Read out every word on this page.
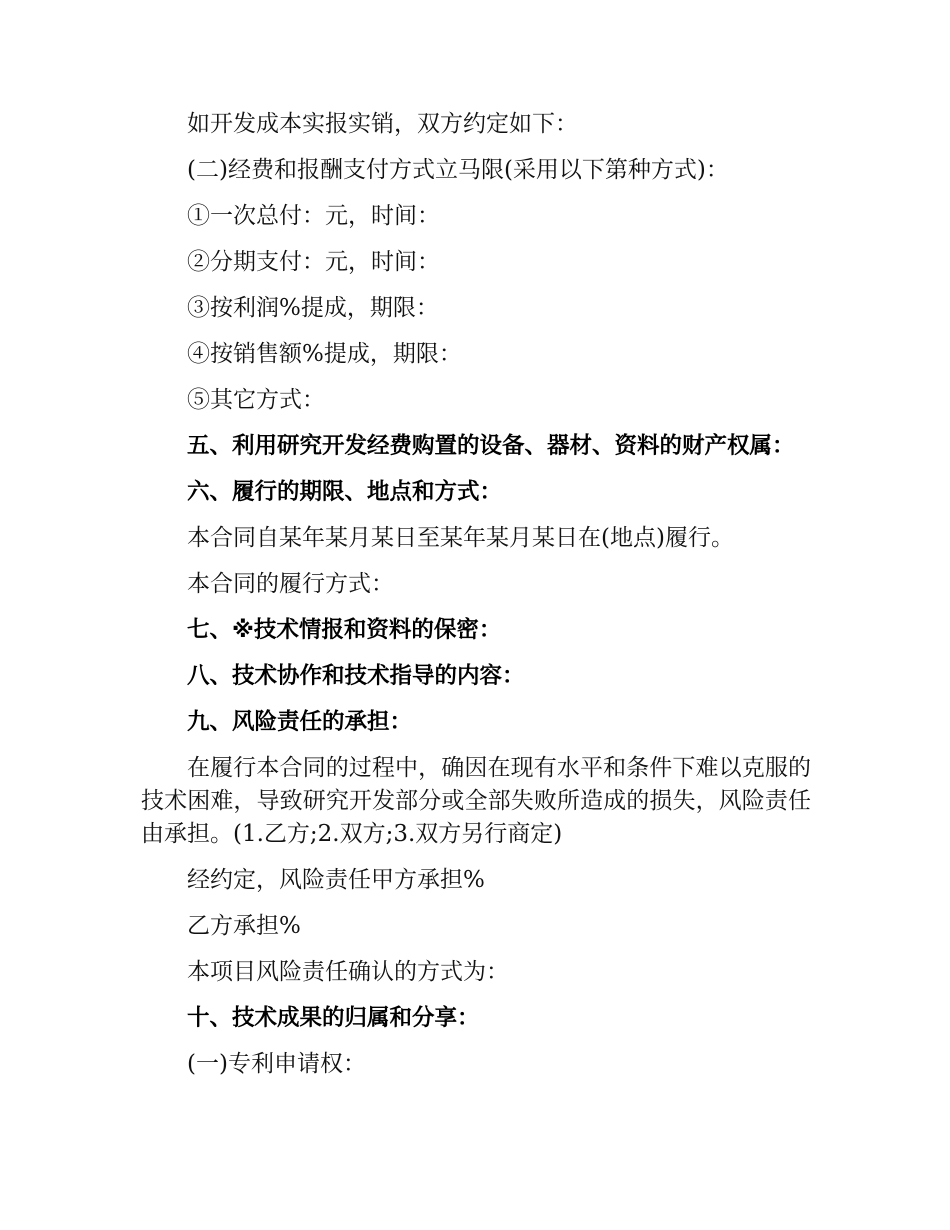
如开发成本实报实销，双方约定如下：

(二)经费和报酬支付方式立马限(采用以下第种方式)：

①一次总付：元，时间：

②分期支付：元，时间：

③按利润%提成，期限：

④按销售额%提成，期限：

⑤其它方式：

五、利用研究开发经费购置的设备、器材、资料的财产权属：

六、履行的期限、地点和方式：

本合同自某年某月某日至某年某月某日在(地点)履行。

本合同的履行方式：

七、※技术情报和资料的保密：

八、技术协作和技术指导的内容：

九、风险责任的承担：

在履行本合同的过程中，确因在现有水平和条件下难以克服的技术困难，导致研究开发部分或全部失败所造成的损失，风险责任由承担。(1.乙方;2.双方;3.双方另行商定)

经约定，风险责任甲方承担%

乙方承担%

本项目风险责任确认的方式为：

十、技术成果的归属和分享：

(一)专利申请权：
